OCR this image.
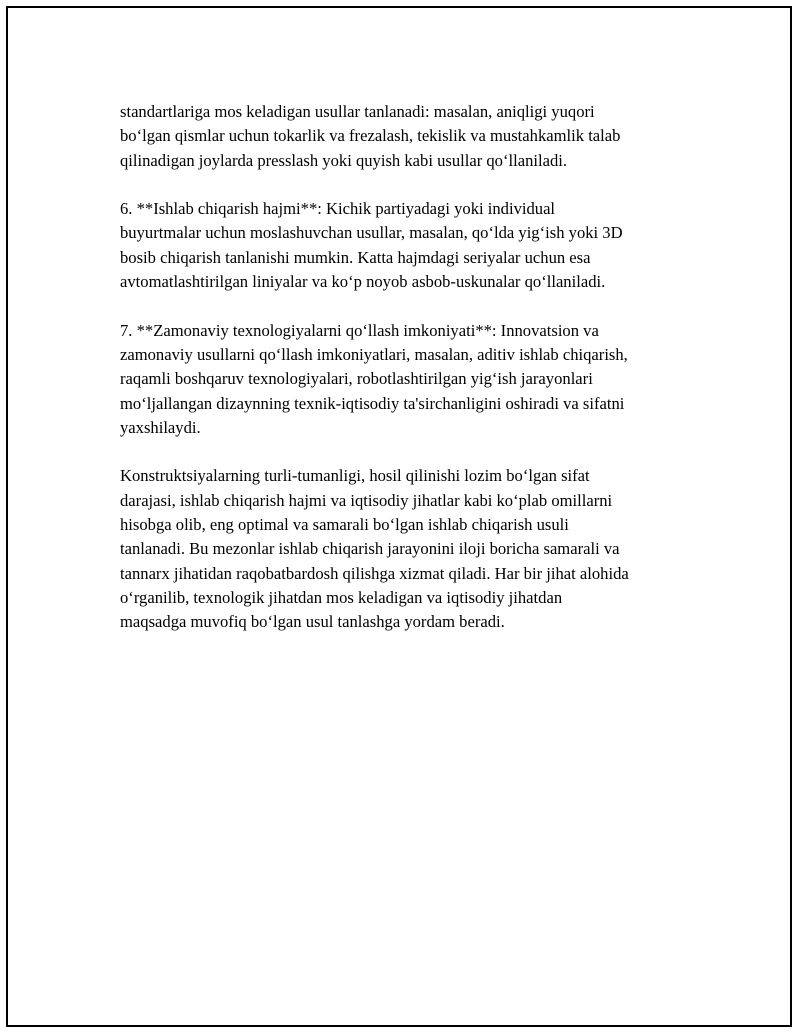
standartlariga mos keladigan usullar tanlanadi: masalan, aniqligi yuqori
boʻlgan qismlar uchun tokarlik va frezalash, tekislik va mustahkamlik talab
qilinadigan joylarda presslash yoki quyish kabi usullar qoʻllaniladi.

6. **Ishlab chiqarish hajmi**: Kichik partiyadagi yoki individual
buyurtmalar uchun moslashuvchan usullar, masalan, qoʻlda yigʻish yoki 3D
bosib chiqarish tanlanishi mumkin. Katta hajmdagi seriyalar uchun esa
avtomatlashtirilgan liniyalar va koʻp noyob asbob-uskunalar qoʻllaniladi.

7. **Zamonaviy texnologiyalarni qoʻllash imkoniyati**: Innovatsion va
zamonaviy usullarni qoʻllash imkoniyatlari, masalan, aditiv ishlab chiqarish,
raqamli boshqaruv texnologiyalari, robotlashtirilgan yigʻish jarayonlari
moʻljallangan dizaynning texnik-iqtisodiy ta'sirchanligini oshiradi va sifatni
yaxshilaydi.

Konstruktsiyalarning turli-tumanligi, hosil qilinishi lozim boʻlgan sifat
darajasi, ishlab chiqarish hajmi va iqtisodiy jihatlar kabi koʻplab omillarni
hisobga olib, eng optimal va samarali boʻlgan ishlab chiqarish usuli
tanlanadi. Bu mezonlar ishlab chiqarish jarayonini iloji boricha samarali va
tannarx jihatidan raqobatbardosh qilishga xizmat qiladi. Har bir jihat alohida
oʻrganilib, texnologik jihatdan mos keladigan va iqtisodiy jihatdan
maqsadga muvofiq boʻlgan usul tanlashga yordam beradi.
